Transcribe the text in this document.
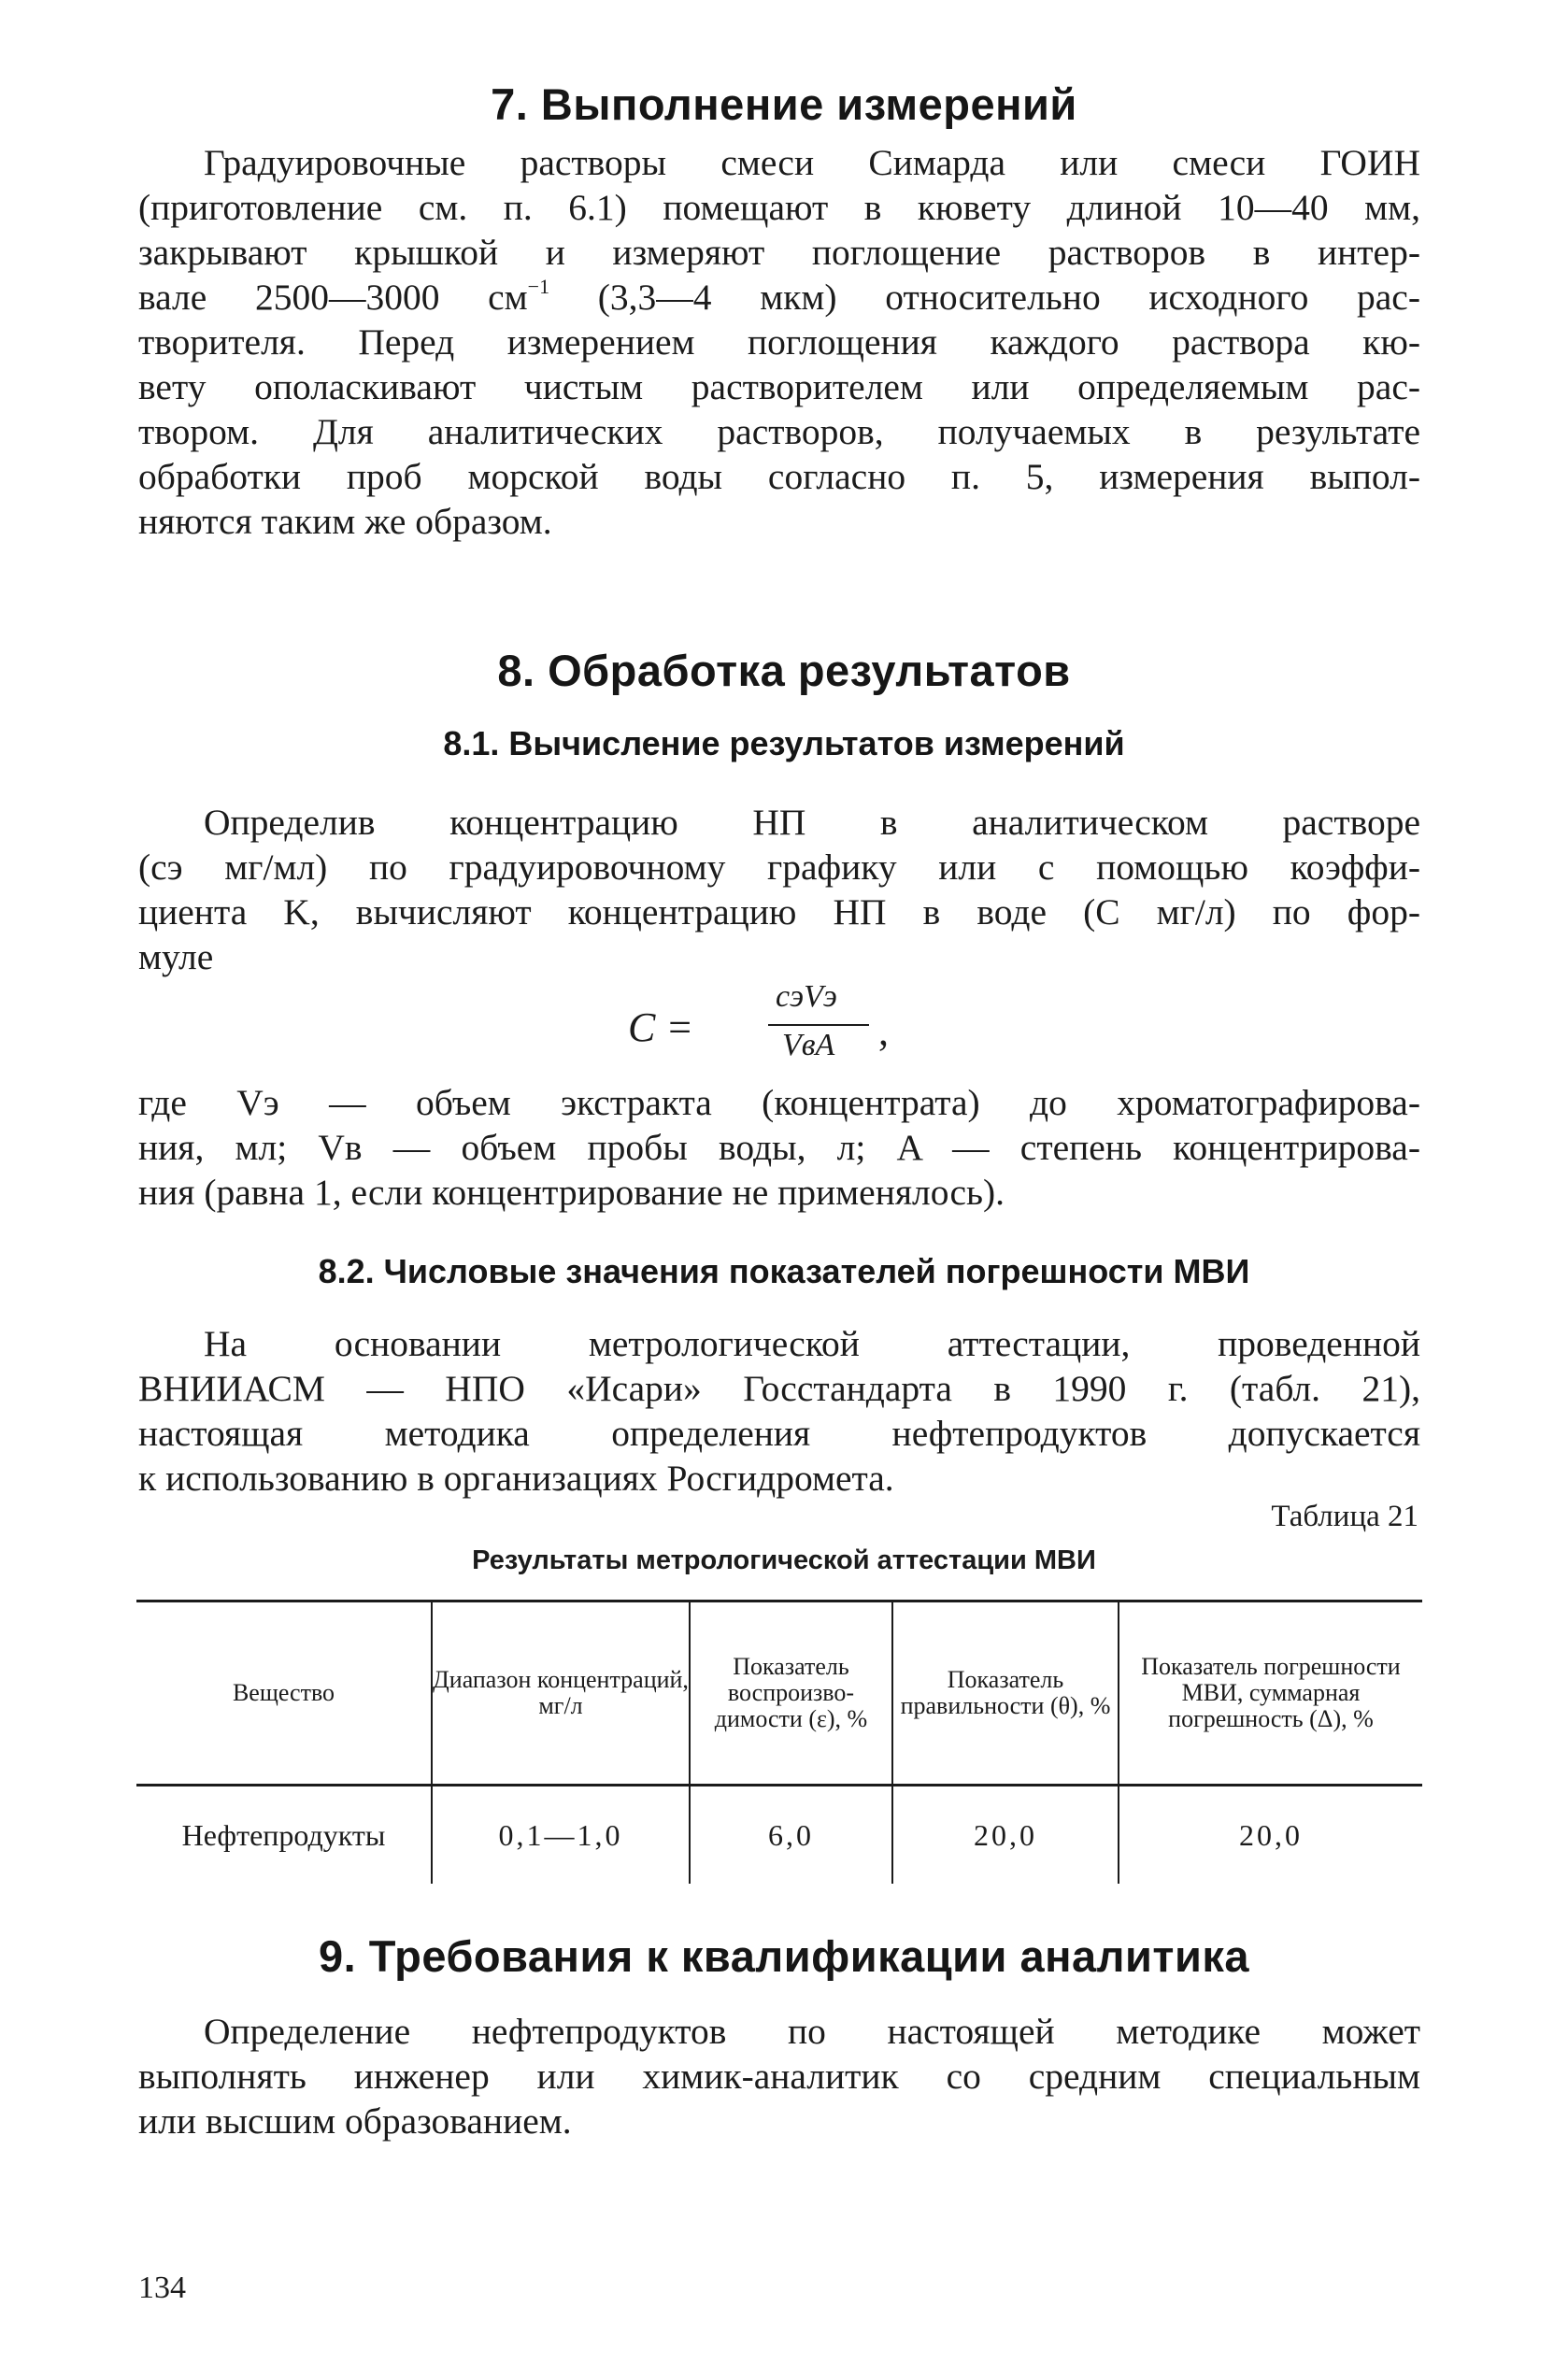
7. Выполнение измерений
Градуировочные растворы смеси Симарда или смеси ГОИН
(приготовление см. п. 6.1) помещают в кювету длиной 10—40 мм,
закрывают крышкой и измеряют поглощение растворов в интер-
вале 2500—3000 $см^{-1}$ (3,3—4 мкм) относительно исходного рас-
творителя. Перед измерением поглощения каждого раствора кю-
вету ополаскивают чистым растворителем или определяемым рас-
твором. Для аналитических растворов, получаемых в результате
обработки проб морской воды согласно п. 5, измерения выпол-
няются таким же образом.
8. Обработка результатов
8.1. Вычисление результатов измерений
Определив концентрацию НП в аналитическом растворе
(cэ мг/мл) по градуировочному графику или с помощью коэффи-
циента K, вычисляют концентрацию НП в воде (C мг/л) по фор-
муле
C =
cэVэ
VвA ,
где Vэ — объем экстракта (концентрата) до хроматографирова-
ния, мл; Vв — объем пробы воды, л; A — степень концентрирова-
ния (равна 1, если концентрирование не применялось).
8.2. Числовые значения показателей погрешности МВИ
На основании метрологической аттестации, проведенной
ВНИИАСМ — НПО «Исари» Госстандарта в 1990 г. (табл. 21),
настоящая методика определения нефтепродуктов допускается
к использованию в организациях Росгидромета.
Таблица 21
Результаты метрологической аттестации МВИ
Вещество	Диапазон концентраций, мг/л	Показатель воспроизво-димости (ε), %	Показатель правильности (θ), %	Показатель погрешности МВИ, суммарная погрешность (Δ), %
Нефтепродукты	0,1—1,0	6,0	20,0	20,0
9. Требования к квалификации аналитика
Определение нефтепродуктов по настоящей методике может
выполнять инженер или химик-аналитик со средним специальным
или высшим образованием.
134
